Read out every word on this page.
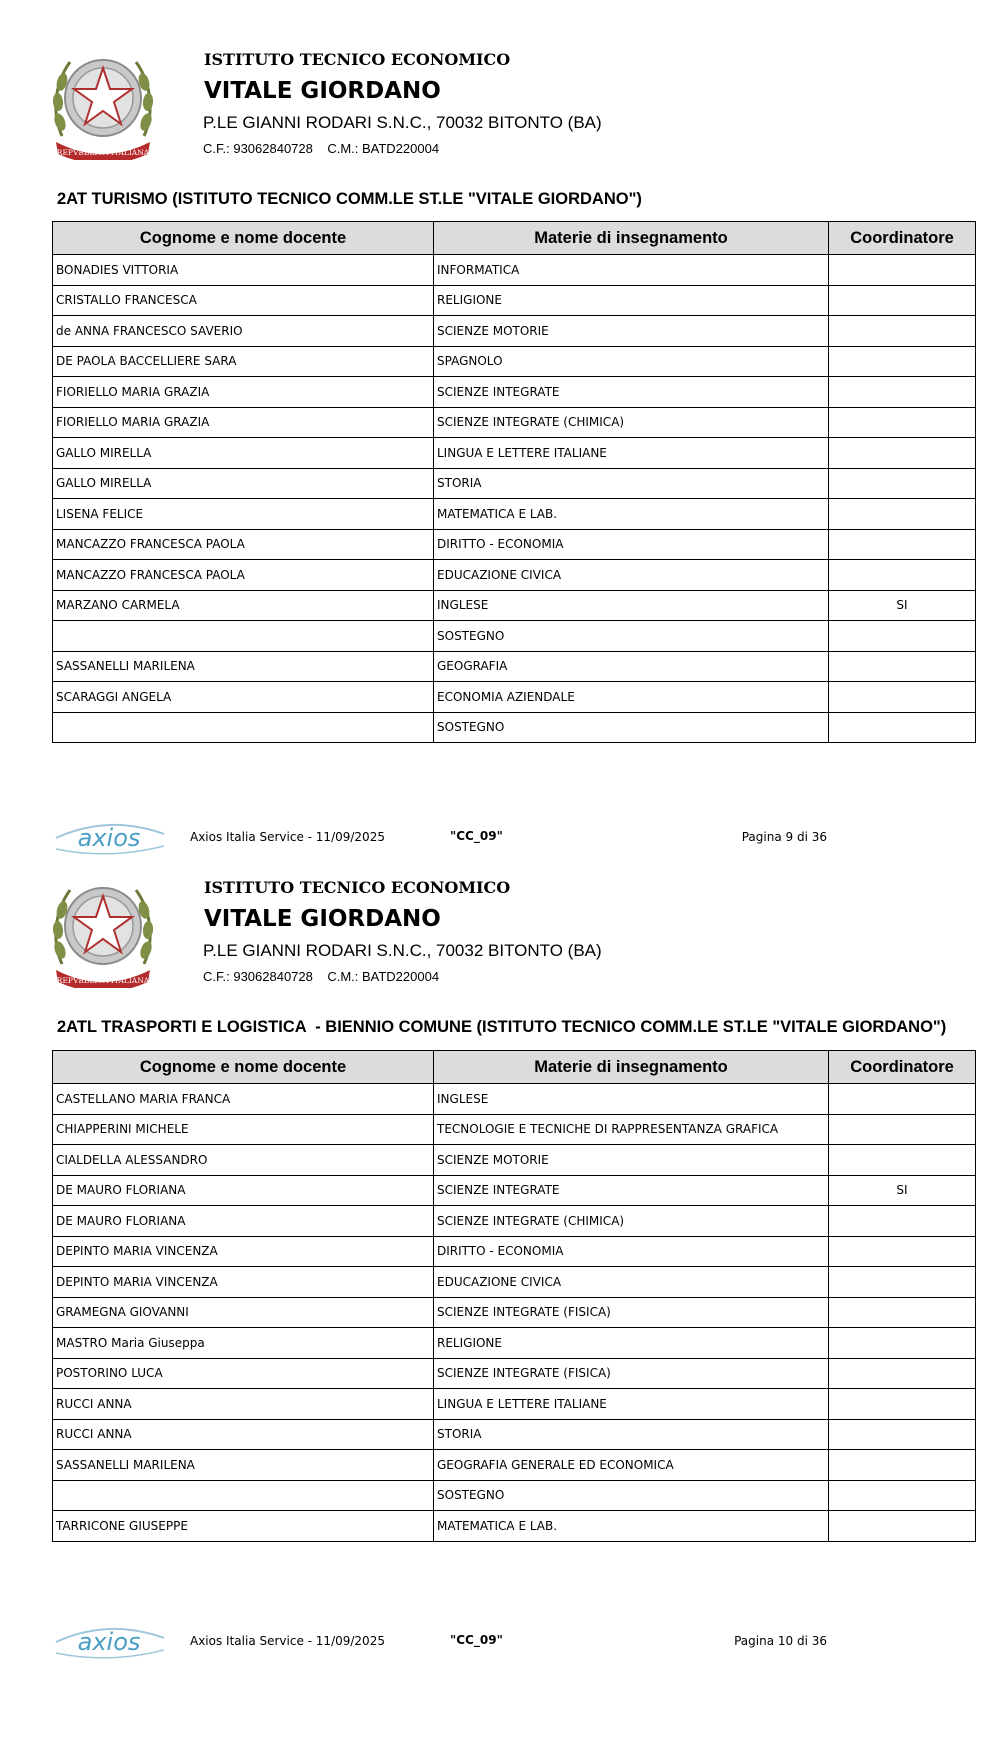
REPVBBLICA ITALIANA
ISTITUTO TECNICO ECONOMICO
VITALE GIORDANO
P.LE GIANNI RODARI S.N.C., 70032 BITONTO (BA)
C.F.: 93062840728    C.M.: BATD220004
2AT TURISMO (ISTITUTO TECNICO COMM.LE ST.LE "VITALE GIORDANO")
Cognome e nome docente	Materie di insegnamento	Coordinatore
BONADIES VITTORIA	INFORMATICA	
CRISTALLO FRANCESCA	RELIGIONE	
de ANNA FRANCESCO SAVERIO	SCIENZE MOTORIE	
DE PAOLA BACCELLIERE SARA	SPAGNOLO	
FIORIELLO MARIA GRAZIA	SCIENZE INTEGRATE	
FIORIELLO MARIA GRAZIA	SCIENZE INTEGRATE (CHIMICA)	
GALLO MIRELLA	LINGUA E LETTERE ITALIANE	
GALLO MIRELLA	STORIA	
LISENA FELICE	MATEMATICA E LAB.	
MANCAZZO FRANCESCA PAOLA	DIRITTO - ECONOMIA	
MANCAZZO FRANCESCA PAOLA	EDUCAZIONE CIVICA	
MARZANO CARMELA	INGLESE	SI
	SOSTEGNO	
SASSANELLI MARILENA	GEOGRAFIA	
SCARAGGI ANGELA	ECONOMIA AZIENDALE	
	SOSTEGNO	
axios	Axios Italia Service - 11/09/2025	"CC_09"	Pagina 9 di 36
REPVBBLICA ITALIANA
ISTITUTO TECNICO ECONOMICO
VITALE GIORDANO
P.LE GIANNI RODARI S.N.C., 70032 BITONTO (BA)
C.F.: 93062840728    C.M.: BATD220004
2ATL TRASPORTI E LOGISTICA  - BIENNIO COMUNE (ISTITUTO TECNICO COMM.LE ST.LE "VITALE GIORDANO")
Cognome e nome docente	Materie di insegnamento	Coordinatore
CASTELLANO MARIA FRANCA	INGLESE	
CHIAPPERINI MICHELE	TECNOLOGIE E TECNICHE DI RAPPRESENTANZA GRAFICA	
CIALDELLA ALESSANDRO	SCIENZE MOTORIE	
DE MAURO FLORIANA	SCIENZE INTEGRATE	SI
DE MAURO FLORIANA	SCIENZE INTEGRATE (CHIMICA)	
DEPINTO MARIA VINCENZA	DIRITTO - ECONOMIA	
DEPINTO MARIA VINCENZA	EDUCAZIONE CIVICA	
GRAMEGNA GIOVANNI	SCIENZE INTEGRATE (FISICA)	
MASTRO Maria Giuseppa	RELIGIONE	
POSTORINO LUCA	SCIENZE INTEGRATE (FISICA)	
RUCCI ANNA	LINGUA E LETTERE ITALIANE	
RUCCI ANNA	STORIA	
SASSANELLI MARILENA	GEOGRAFIA GENERALE ED ECONOMICA	
	SOSTEGNO	
TARRICONE GIUSEPPE	MATEMATICA E LAB.	
axios	Axios Italia Service - 11/09/2025	"CC_09"	Pagina 10 di 36
